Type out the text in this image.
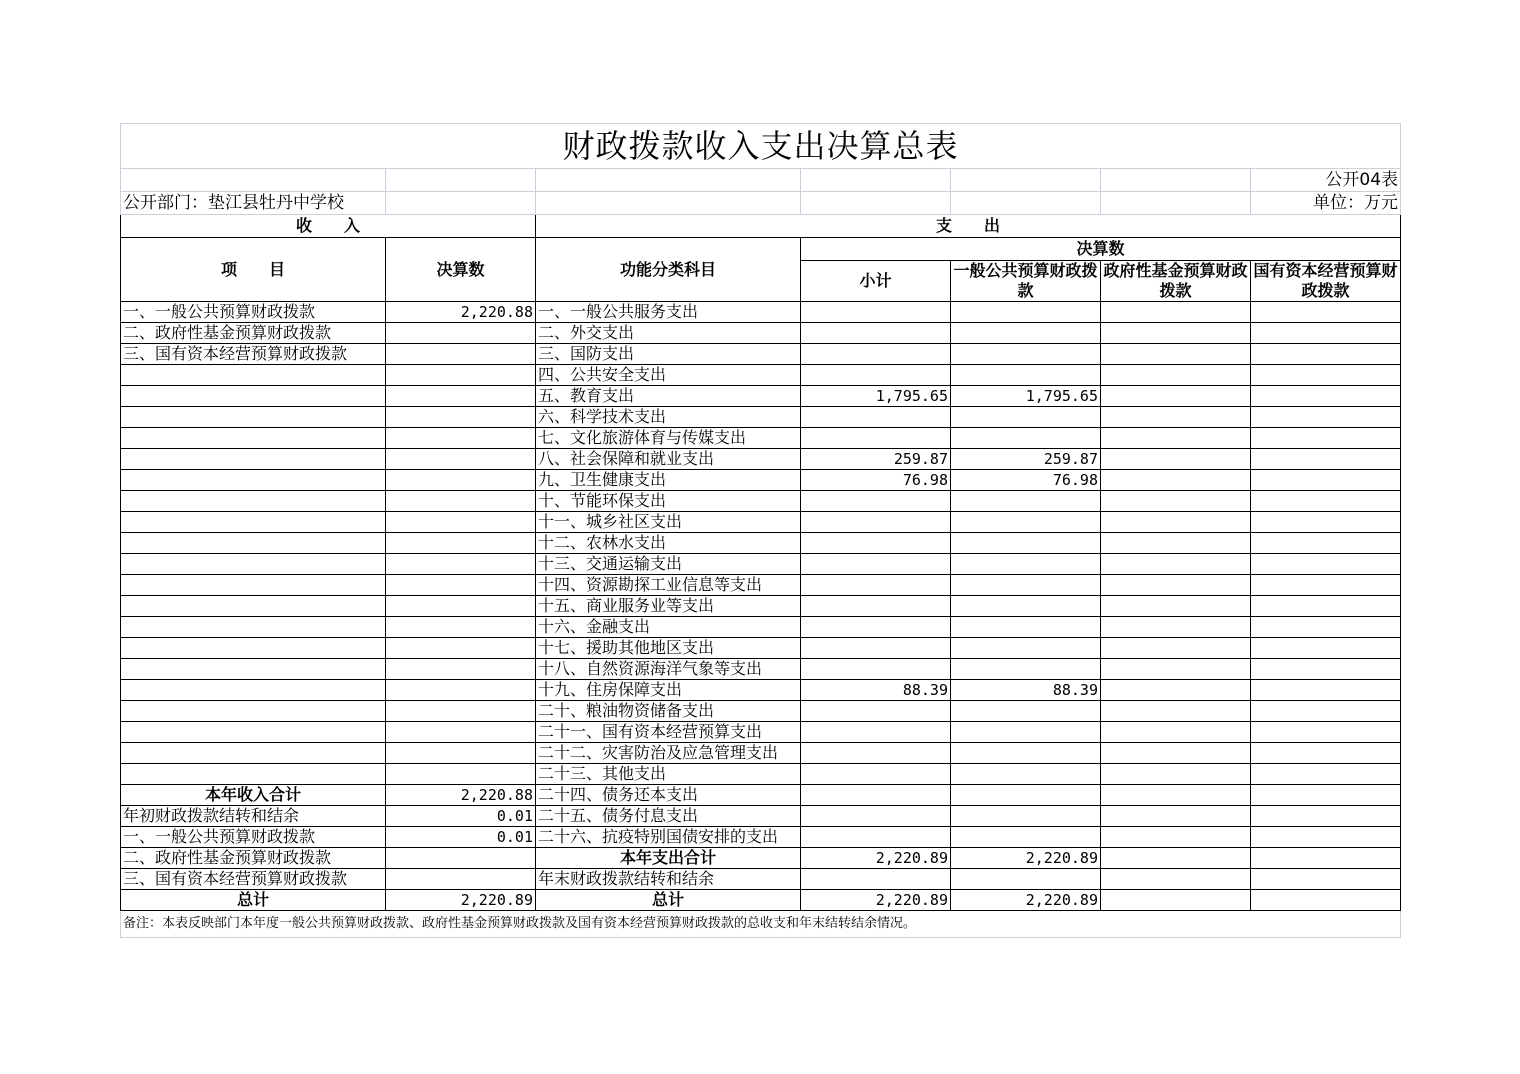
财政拨款收入支出决算总表						
						公开04表
公开部门：垫江县牡丹中学校						单位：万元
收　　入		支　　出				
项　　目	决算数	功能分类科目	决算数			
			小计	一般公共预算财政拨款	政府性基金预算财政拨款	国有资本经营预算财政拨款
一、一般公共预算财政拨款	2,220.88	一、一般公共服务支出				
二、政府性基金预算财政拨款		二、外交支出				
三、国有资本经营预算财政拨款		三、国防支出				
		四、公共安全支出				
		五、教育支出	1,795.65	1,795.65		
		六、科学技术支出				
		七、文化旅游体育与传媒支出				
		八、社会保障和就业支出	259.87	259.87		
		九、卫生健康支出	76.98	76.98		
		十、节能环保支出				
		十一、城乡社区支出				
		十二、农林水支出				
		十三、交通运输支出				
		十四、资源勘探工业信息等支出				
		十五、商业服务业等支出				
		十六、金融支出				
		十七、援助其他地区支出				
		十八、自然资源海洋气象等支出				
		十九、住房保障支出	88.39	88.39		
		二十、粮油物资储备支出				
		二十一、国有资本经营预算支出				
		二十二、灾害防治及应急管理支出				
		二十三、其他支出				
本年收入合计	2,220.88	二十四、债务还本支出				
年初财政拨款结转和结余	0.01	二十五、债务付息支出				
一、一般公共预算财政拨款	0.01	二十六、抗疫特别国债安排的支出				
二、政府性基金预算财政拨款		本年支出合计	2,220.89	2,220.89		
三、国有资本经营预算财政拨款		年末财政拨款结转和结余				
总计	2,220.89	总计	2,220.89	2,220.89		
备注：本表反映部门本年度一般公共预算财政拨款、政府性基金预算财政拨款及国有资本经营预算财政拨款的总收支和年末结转结余情况。						
